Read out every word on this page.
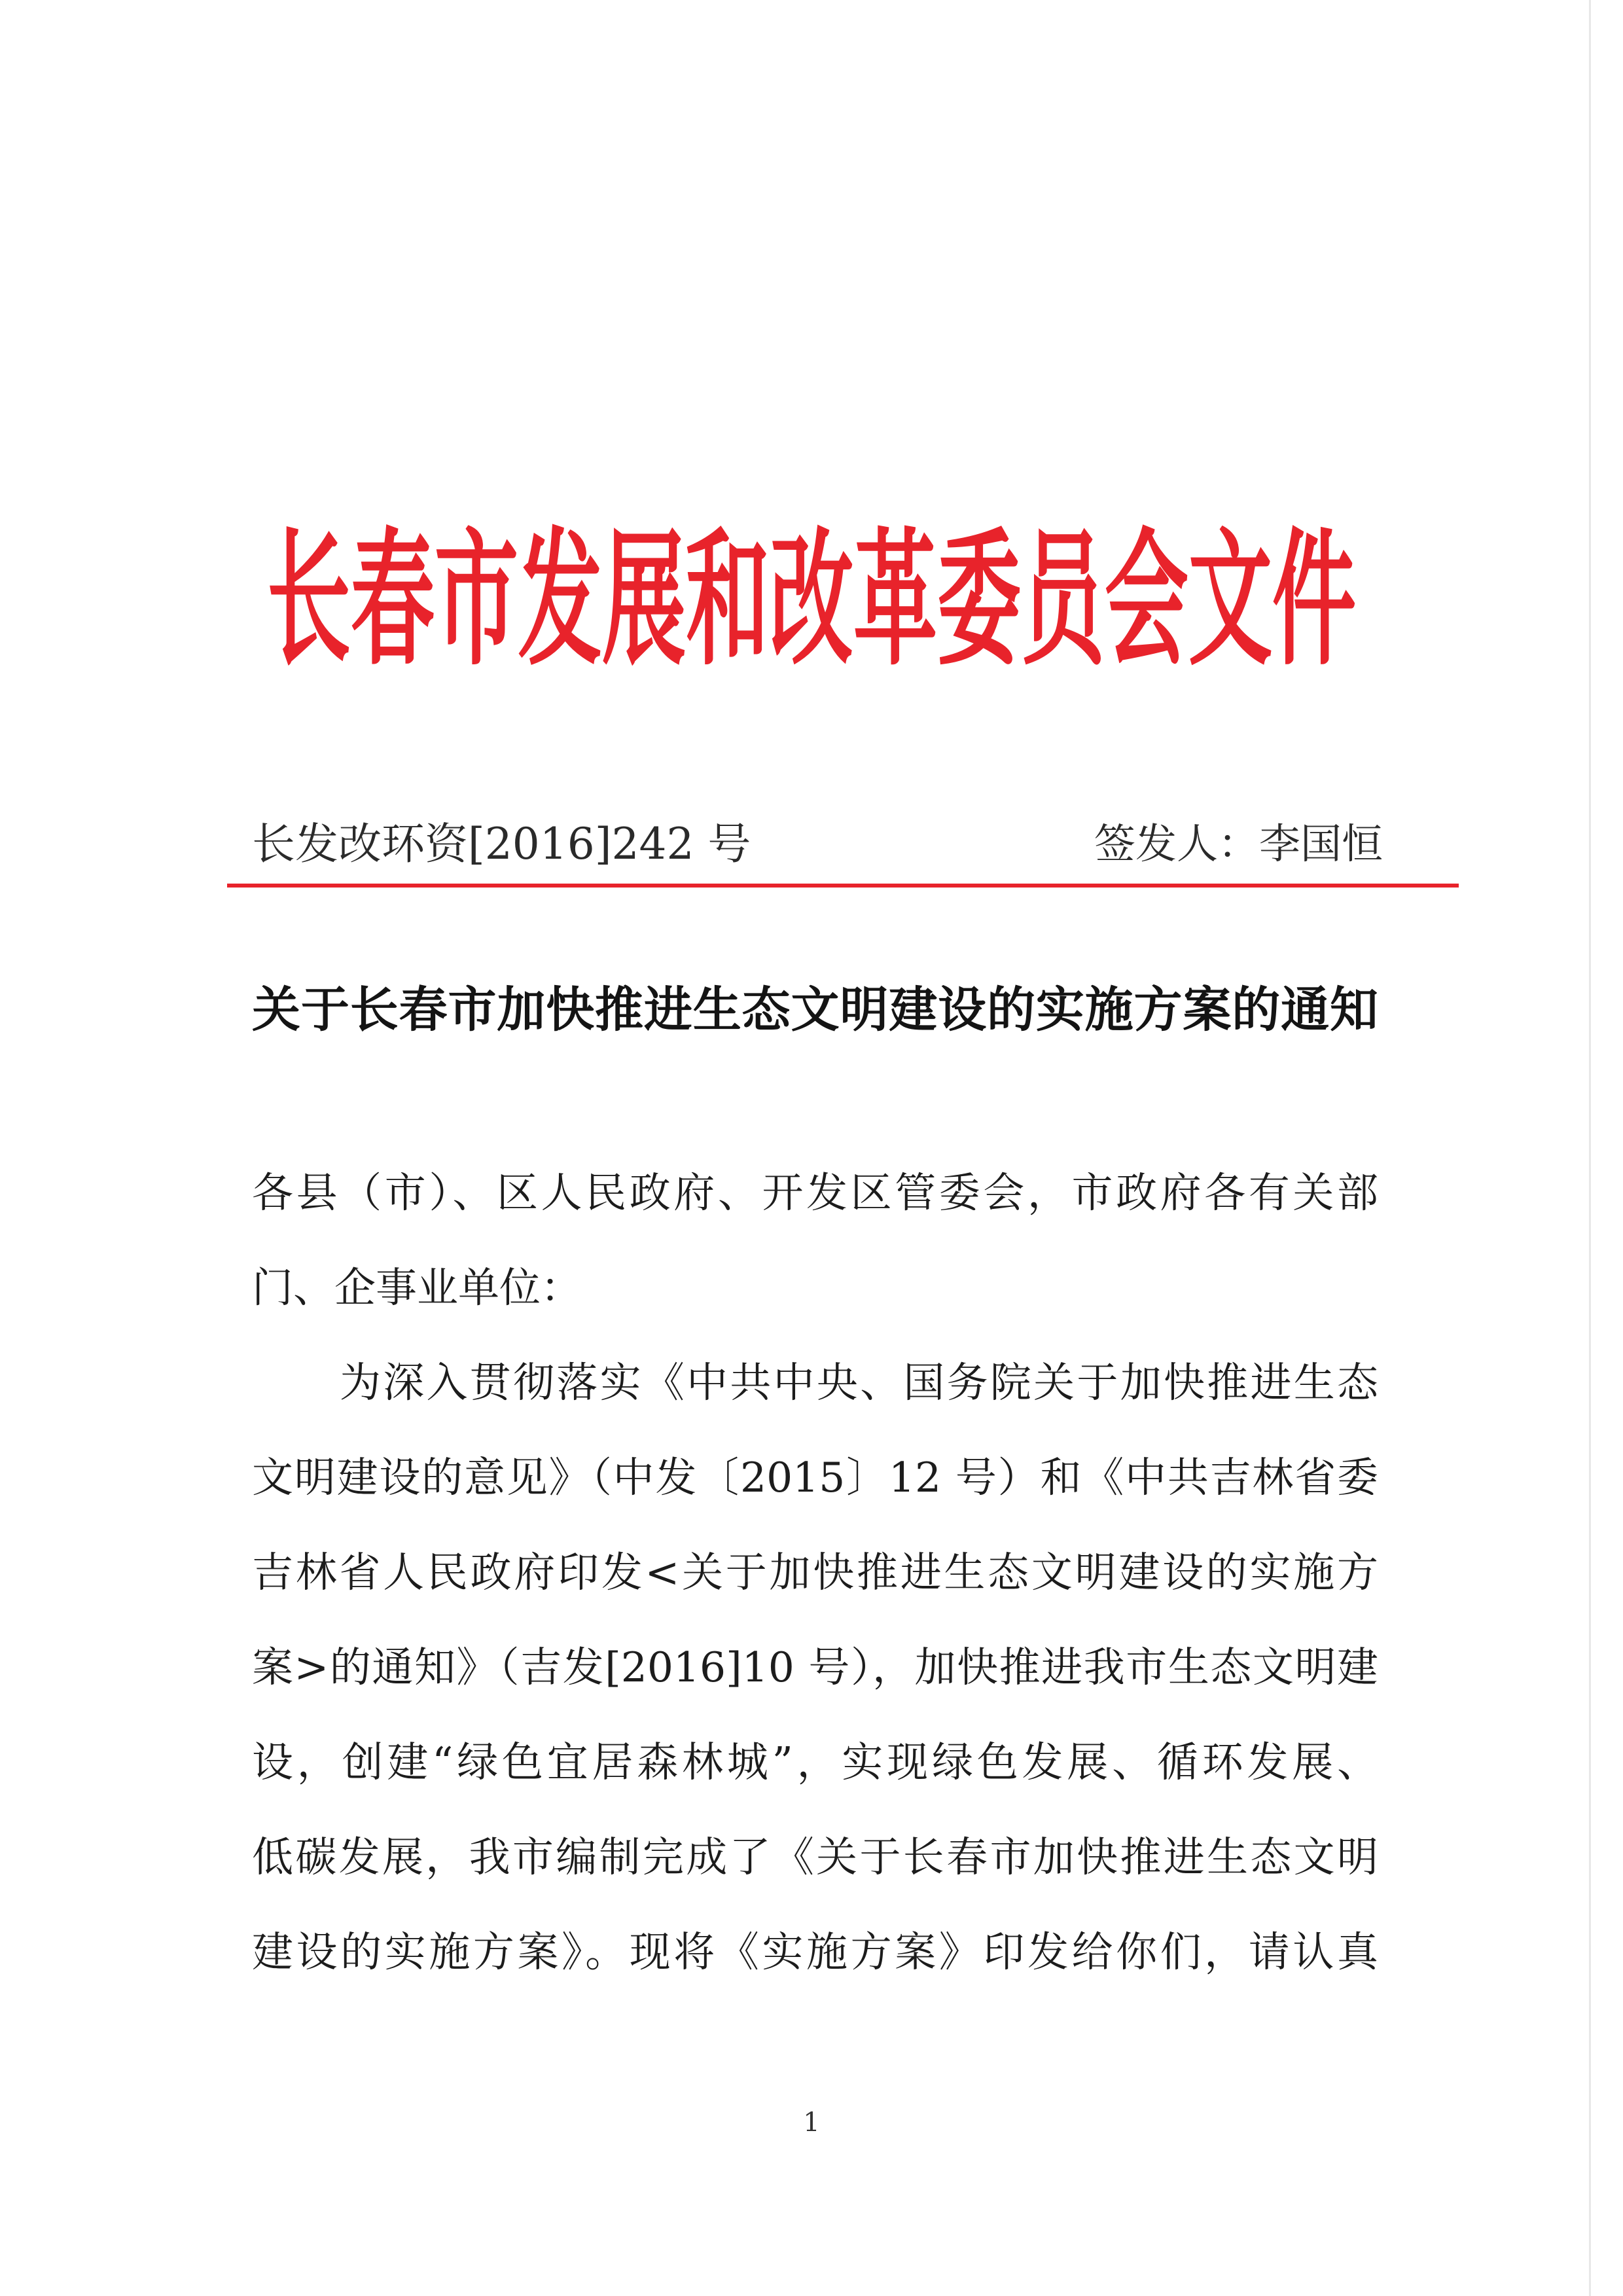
长春市发展和改革委员会文件
长发改环资[2016]242 号	签发人：李国恒
关于长春市加快推进生态文明建设的实施方案的通知
各县（市）、区人民政府、开发区管委会，市政府各有关部
门、企事业单位：
为深入贯彻落实《中共中央、国务院关于加快推进生态
文明建设的意见》（中发〔2015〕12 号）和《中共吉林省委
吉林省人民政府印发<关于加快推进生态文明建设的实施方
案>的通知》（吉发[2016]10 号），加快推进我市生态文明建
设，创建“绿色宜居森林城”，实现绿色发展、循环发展、
低碳发展，我市编制完成了《关于长春市加快推进生态文明
建设的实施方案》。现将《实施方案》印发给你们，请认真
1
